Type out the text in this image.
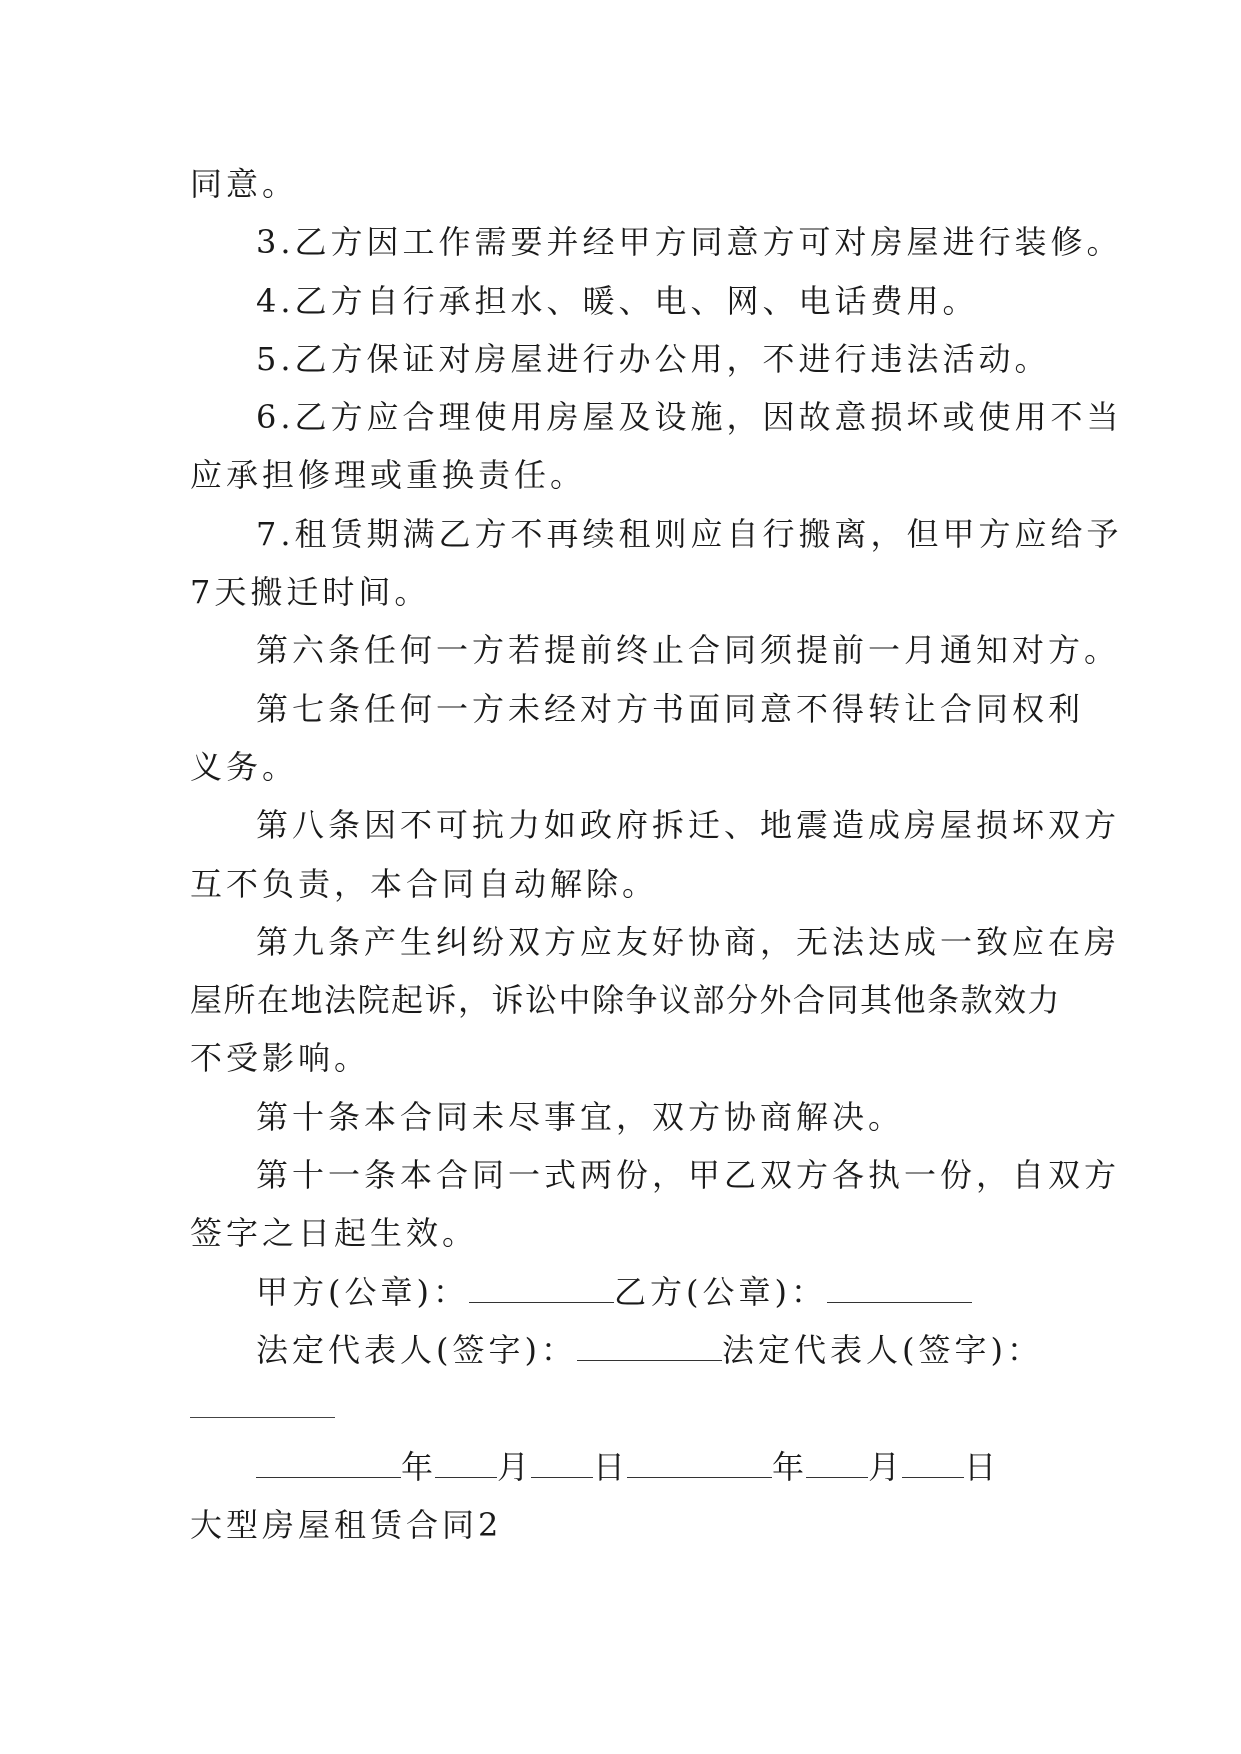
同意。
3.乙方因工作需要并经甲方同意方可对房屋进行装修。
4.乙方自行承担水、暖、电、网、电话费用。
5.乙方保证对房屋进行办公用，不进行违法活动。
6.乙方应合理使用房屋及设施，因故意损坏或使用不当
应承担修理或重换责任。
7.租赁期满乙方不再续租则应自行搬离，但甲方应给予
7天搬迁时间。
第六条任何一方若提前终止合同须提前一月通知对方。
第七条任何一方未经对方书面同意不得转让合同权利
义务。
第八条因不可抗力如政府拆迁、地震造成房屋损坏双方
互不负责，本合同自动解除。
第九条产生纠纷双方应友好协商，无法达成一致应在房
屋所在地法院起诉，诉讼中除争议部分外合同其他条款效力
不受影响。
第十条本合同未尽事宜，双方协商解决。
第十一条本合同一式两份，甲乙双方各执一份，自双方
签字之日起生效。
甲方(公章)：	乙方(公章)：
法定代表人(签字)：	法定代表人(签字)：
年 月 日	年 月 日
大型房屋租赁合同2
